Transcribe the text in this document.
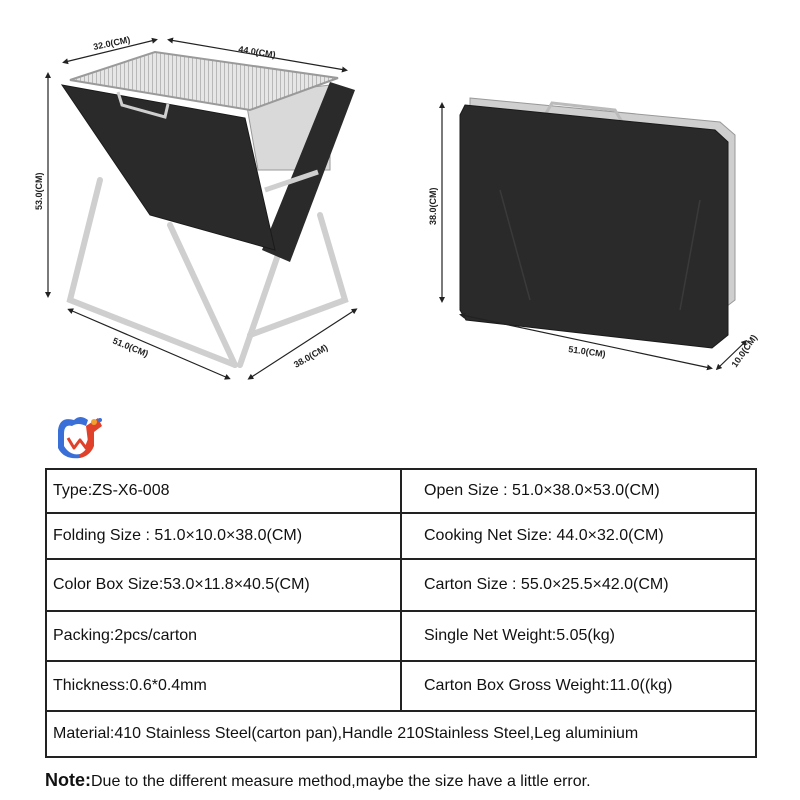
32.0(CM)
44.0(CM)
53.0(CM)
51.0(CM)	38.0(CM)
38.0(CM)
51.0(CM)	10.0(CM)
Type:ZS-X6-008	Open Size : 51.0×38.0×53.0(CM)
Folding Size : 51.0×10.0×38.0(CM)	Cooking Net Size: 44.0×32.0(CM)
Color Box Size:53.0×11.8×40.5(CM)	Carton Size : 55.0×25.5×42.0(CM)
Packing:2pcs/carton	Single Net Weight:5.05(kg)
Thickness:0.6*0.4mm	Carton Box Gross Weight:11.0((kg)
Material:410 Stainless Steel(carton pan),Handle 210Stainless Steel,Leg aluminium	
Note:Due to the different measure method,maybe the size have a little error.
